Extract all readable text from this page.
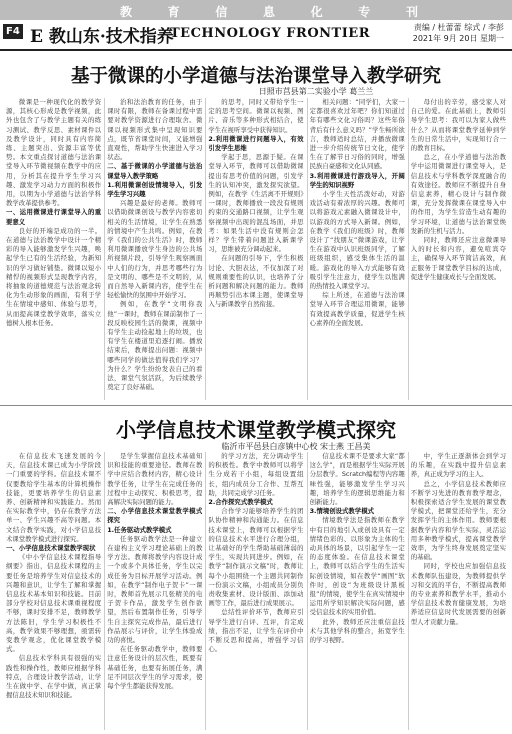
教	育	信	息	化	专	刊
F4 E 教山东·技术指养
TECHNOLOGY FRONTIER	责编 / 杜蕾蕾 综式 / 李彭
2021年 9月 20日 星期一
基于微课的小学道德与法治课堂导入教学研究
日照市莒县第二实验小学 葛兰兰

微课是一种现代化的教学资源，其核心形成是教学视频，此外也包含了与教学主题有关的练习测试、教学反思、素材课件以及教学设计，同时具有内容简练、主题突出、资源丰富等优势。本文重点探讨道德与法治课堂导入环节微视频在教学中的应用，分析其在提升学生学习兴趣、激发学习动力方面的积极作用，以期为小学道德与法治学科教学改革提供参考。

一、运用微课进行课堂导入的重要意义

良好的开端是成功的一半。在道德与法治教学中设计一个精彩的导入能够激发学生兴趣，唤起学生已有的生活经验，为新知识的学习做好铺垫。微课以短小精悍的视频形式呈现教学内容，将抽象的道德规范与法治观念转化为生动形象的画面，有利于学生在情境中感知、体验与思考，从而提高课堂教学效率，落实立德树人根本任务。

治和法治教育的任务，由于课时有限，教师在备课过程中需要对教学资源进行合理取舍。微课以视频形式集中呈现知识要点，既节省课堂时间，又能增强直观性，帮助学生快速进入学习状态。

二、基于微课的小学道德与法治课堂导入教学策略

1.利用微课创设情境导入，引发学生学习兴趣

兴趣是最好的老师。教师可以借助微课创设与教学内容密切相关的生活情境，让学生在熟悉的情境中产生共鸣。例如，在教学《我们的公共生活》时，教师利用微课播放学生身边的公共场所视频片段，引导学生观察画面中人们的行为，并思考哪些行为是文明的、哪些是不文明的，从而自然导入新课内容，使学生在轻松愉快的氛围中开始学习。

例如，在教学“文明你我他”一课时，教师在课前制作了一段反映校园生活的微课，视频中有学生主动捡起地上的垃圾，也有学生在楼道里追逐打闹。播放结束后，教师提出问题：视频中哪些同学的做法值得我们学习？为什么？学生纷纷发表自己的看法，课堂气氛活跃，为后续教学奠定了良好基础。

的思考，同时又带给学生一定的思考空间。微课以视频、图片、音乐等多种形式相结合，使学生在视听享受中获得知识。

2.利用微课进行问题导入，有效引发学生思维

学起于思，思源于疑。在课堂导入环节，教师可以借助微课提出有思考价值的问题，引发学生的认知冲突，激发探究欲望。例如，在教学《生活离不开规则》一课时，教师播放一段没有规则约束的交通路口视频，让学生观察视频中出现的混乱场面，并思考：如果生活中没有规则会怎样？学生带着问题进入新课学习，思维被充分调动起来。

在问题的引导下，学生积极讨论、大胆表达，不仅加深了对规则重要性的认识，也培养了分析问题和解决问题的能力。教师再顺势引出本课主题，使课堂导入与新课教学自然衔接。

相关问题：“同学们，大家一定都很喜欢过年吧？你们知道过年有哪些文化习俗吗？这些年俗背后有什么意义吗？”学生畅所欲言，教师适时总结，并播放微课进一步介绍传统节日文化，使学生在了解节日习俗的同时，增强民族自豪感和文化认同感。

3.利用微课进行游戏导入，开阔学生的知识视野

小学生天性活泼好动，对游戏活动有着浓厚的兴趣。教师可以将游戏元素融入微课设计中，以游戏的方式导入新课。例如，在教学《我们的班级》时，教师设计了“找朋友”微课游戏，让学生在游戏中认识班级同学，了解班级组织，感受集体生活的温暖。游戏化的导入方式能够有效吸引学生注意力，使学生以饱满的热情投入课堂学习。

综上所述，在道德与法治课堂导入环节合理运用微课，能够有效提高教学质量，促进学生核心素养的全面发展。

母付出的辛劳，感受家人对自己的爱。在此基础上，教师引导学生思考：我可以为家人做些什么？从而将课堂教学延伸到学生的日常生活中，实现知行合一的教育目标。

总之，在小学道德与法治教学中运用微课进行课堂导入，是信息技术与学科教学深度融合的有效途径。教师应不断提升自身信息素养，精心设计与制作微课，充分发挥微课在课堂导入中的作用，为学生营造生动有趣的学习环境，让道德与法治课堂焕发新的生机与活力。

同时，教师还应注意微课导入的时长和内容，避免喧宾夺主，确保导入环节简洁高效，真正服务于课堂教学目标的达成，促进学生健康成长与全面发展。

小学信息技术课堂教学模式探究
临沂市平邑县白彦镇中心校 宋士燕 王昌美

在信息技术飞速发展的今天，信息技术课已成为小学阶段一门重要的学科。信息技术课不仅要教给学生基本的计算机操作技能，更要培养学生的信息素养、创新精神和实践能力。然而在实际教学中，仍存在教学方法单一、学生兴趣不高等问题。本文结合教学实践，对小学信息技术课堂教学模式进行探究。

一、小学信息技术课堂教学现状

《中小学信息技术课程指导纲要》指出，信息技术课程的主要任务是培养学生对信息技术的兴趣和意识，让学生了解和掌握信息技术基本知识和技能。目前部分学校对信息技术课重视程度不够，课时安排不足，教师教学方法陈旧，学生学习积极性不高，教学效果不够理想，亟需转变教学观念，优化课堂教学模式。

信息技术学科具有很强的实践性和操作性，教师应根据学科特点，合理设计教学活动，让学生在做中学、在学中做，真正掌握信息技术知识和技能。

是学生掌握信息技术基础知识和技能的重要途径。教师在教学中应结合教材内容，精心设计教学任务，让学生在完成任务的过程中主动探究、积极思考，提高解决实际问题的能力。

二、小学信息技术课堂教学模式探究

1.任务驱动式教学模式

任务驱动教学法是一种建立在建构主义学习理论基础上的教学方法。教师将教学内容设计成一个或多个具体任务，学生以完成任务为目标开展学习活动。例如，在教学“制作电子贺卡”一课时，教师首先展示几张精美的电子贺卡作品，激发学生创作欲望，然后布置制作任务，引导学生自主探究完成作品，最后进行作品展示与评价，让学生体验成功的喜悦。

在任务驱动教学中，教师要注意任务设计的层次性，既要有基础任务，也要有拓展任务，满足不同层次学生的学习需求，使每个学生都能获得发展。

的学习方法，充分调动学生的积极性。教学中教师可以将学生分成若干小组，每组设置组长，组内成员分工合作、互帮互助，共同完成学习任务。

2.合作探究式教学模式

合作学习能够培养学生的团队协作精神和沟通能力。在信息技术课堂上，教师可以根据学生的信息技术水平进行合理分组，让基础好的学生帮助基础薄弱的学生，实现共同进步。例如，在教学“制作演示文稿”时，教师让每个小组围绕一个主题共同制作一份演示文稿，小组成员分别负责收集素材、设计版面、添加动画等工作，最后进行成果展示。

总结性评价环节，教师应引导学生进行自评、互评，肯定成绩，指出不足，让学生在评价中不断反思和提高，增强学习信心。

信息技术课不是要求大家“都这么学”，而是根据学生实际开展分层教学。Scratch编程等内容趣味性强，能够激发学生学习兴趣，培养学生的逻辑思维能力和创新能力。

3.情境创设式教学模式

情境教学法是指教师在教学中有目的地引入或创设具有一定情绪色彩的、以形象为主体的生动具体的场景，以引起学生一定的态度体验。在信息技术课堂上，教师可以结合学生的生活实际创设情境，如在教学“画图”软件时，创设“为班级设计黑板报”的情境，使学生在真实情境中运用所学知识解决实际问题，感受信息技术的实用价值。

此外，教师还应注重信息技术与其他学科的整合，拓宽学生的学习视野。

中，学生正逐渐体会到学习的乐趣，在实践中提升信息素养，真正成为学习的主人。

总之，小学信息技术教师应不断学习先进的教育教学理念，积极探索适合学生发展的课堂教学模式，把课堂还给学生，充分发挥学生的主体作用。教师要根据教学内容和学生实际，灵活运用多种教学模式，提高课堂教学效率，为学生终身发展奠定坚实的基础。

同时，学校也应加强信息技术教师队伍建设，为教师提供学习和交流的平台，不断提高教师的专业素养和教学水平，推动小学信息技术教育健康发展，为培养适应信息时代发展需要的创新型人才贡献力量。
